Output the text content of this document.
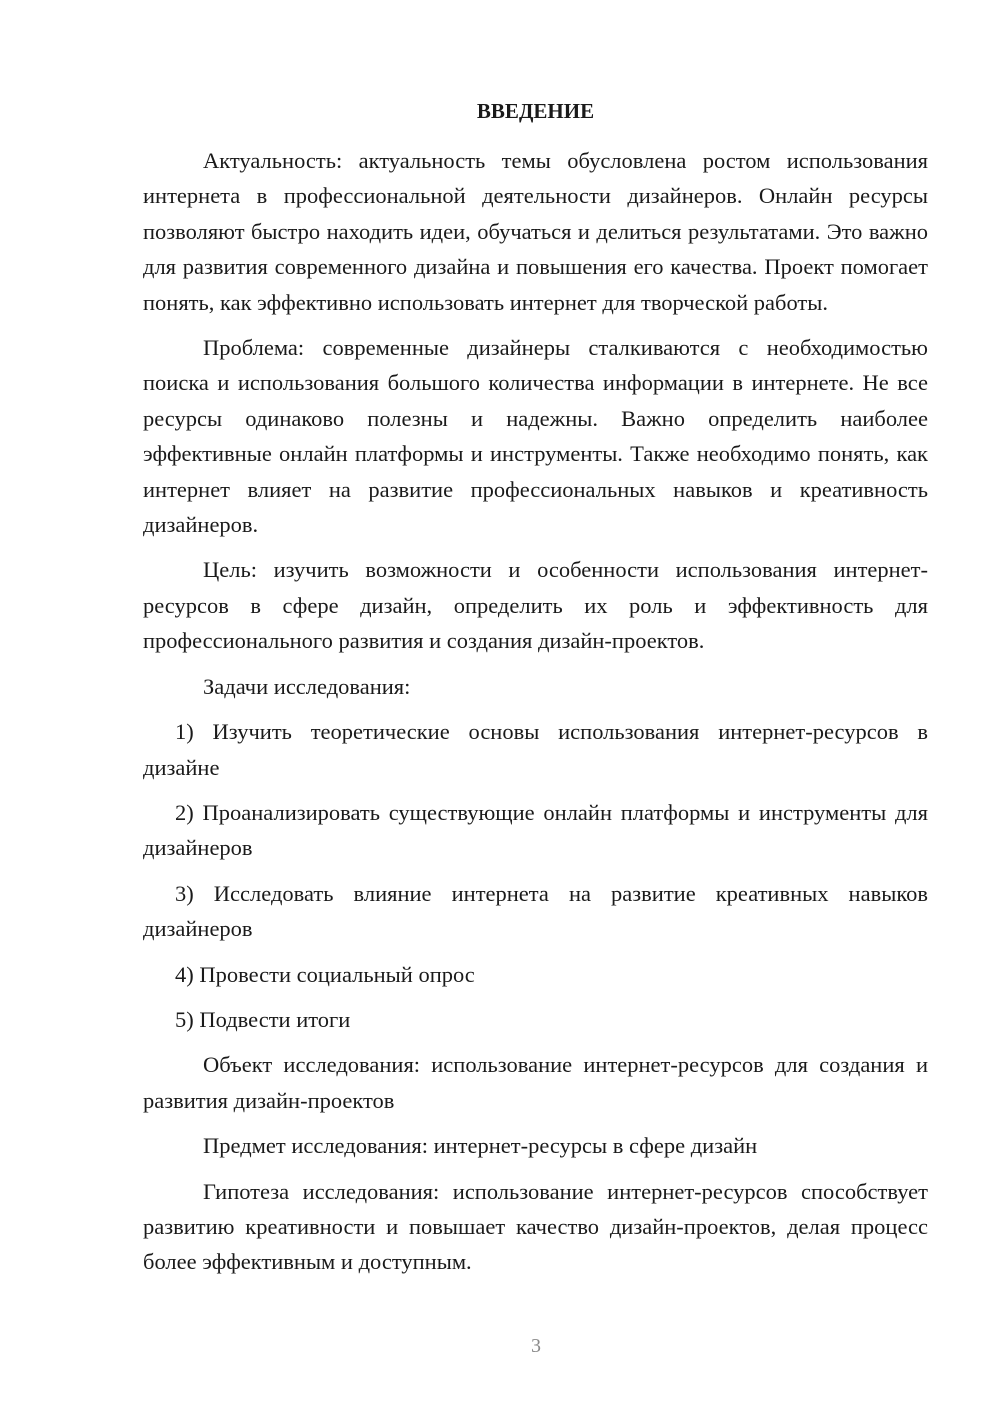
ВВЕДЕНИЕ

Актуальность: актуальность темы обусловлена ростом использования интернета в профессиональной деятельности дизайнеров. Онлайн ресурсы позволяют быстро находить идеи, обучаться и делиться результатами. Это важно для развития современного дизайна и повышения его качества. Проект помогает понять, как эффективно использовать интернет для творческой работы.

Проблема: современные дизайнеры сталкиваются с необходимостью поиска и использования большого количества информации в интернете. Не все ресурсы одинаково полезны и надежны. Важно определить наиболее эффективные онлайн платформы и инструменты. Также необходимо понять, как интернет влияет на развитие профессиональных навыков и креативность дизайнеров.

Цель: изучить возможности и особенности использования интернет-ресурсов в сфере дизайн, определить их роль и эффективность для профессионального развития и создания дизайн-проектов.

Задачи исследования:

1) Изучить теоретические основы использования интернет-ресурсов в дизайне

2) Проанализировать существующие онлайн платформы и инструменты для дизайнеров

3) Исследовать влияние интернета на развитие креативных навыков дизайнеров

4) Провести социальный опрос

5) Подвести итоги

Объект исследования: использование интернет-ресурсов для создания и развития дизайн-проектов

Предмет исследования: интернет-ресурсы в сфере дизайн

Гипотеза исследования: использование интернет-ресурсов способствует развитию креативности и повышает качество дизайн-проектов, делая процесс более эффективным и доступным.

3
